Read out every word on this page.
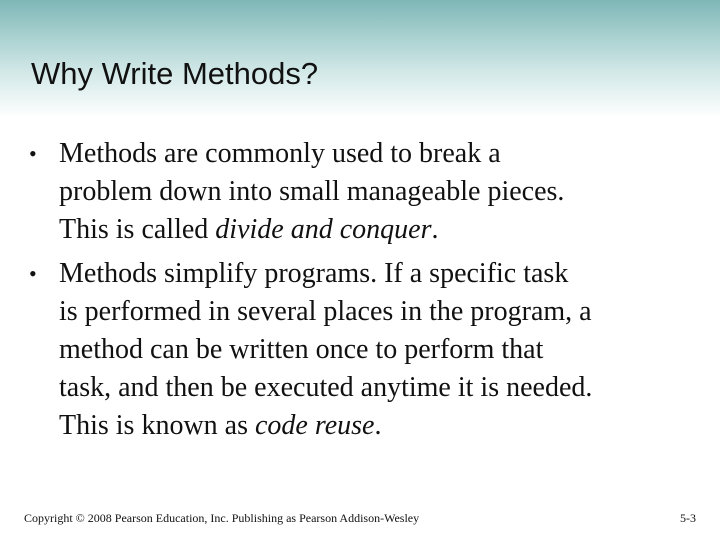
Why Write Methods?
• Methods are commonly used to break a
problem down into small manageable pieces.
This is called divide and conquer.
• Methods simplify programs. If a specific task
is performed in several places in the program, a
method can be written once to perform that
task, and then be executed anytime it is needed.
This is known as code reuse.
Copyright © 2008 Pearson Education, Inc. Publishing as Pearson Addison-Wesley	5-3
